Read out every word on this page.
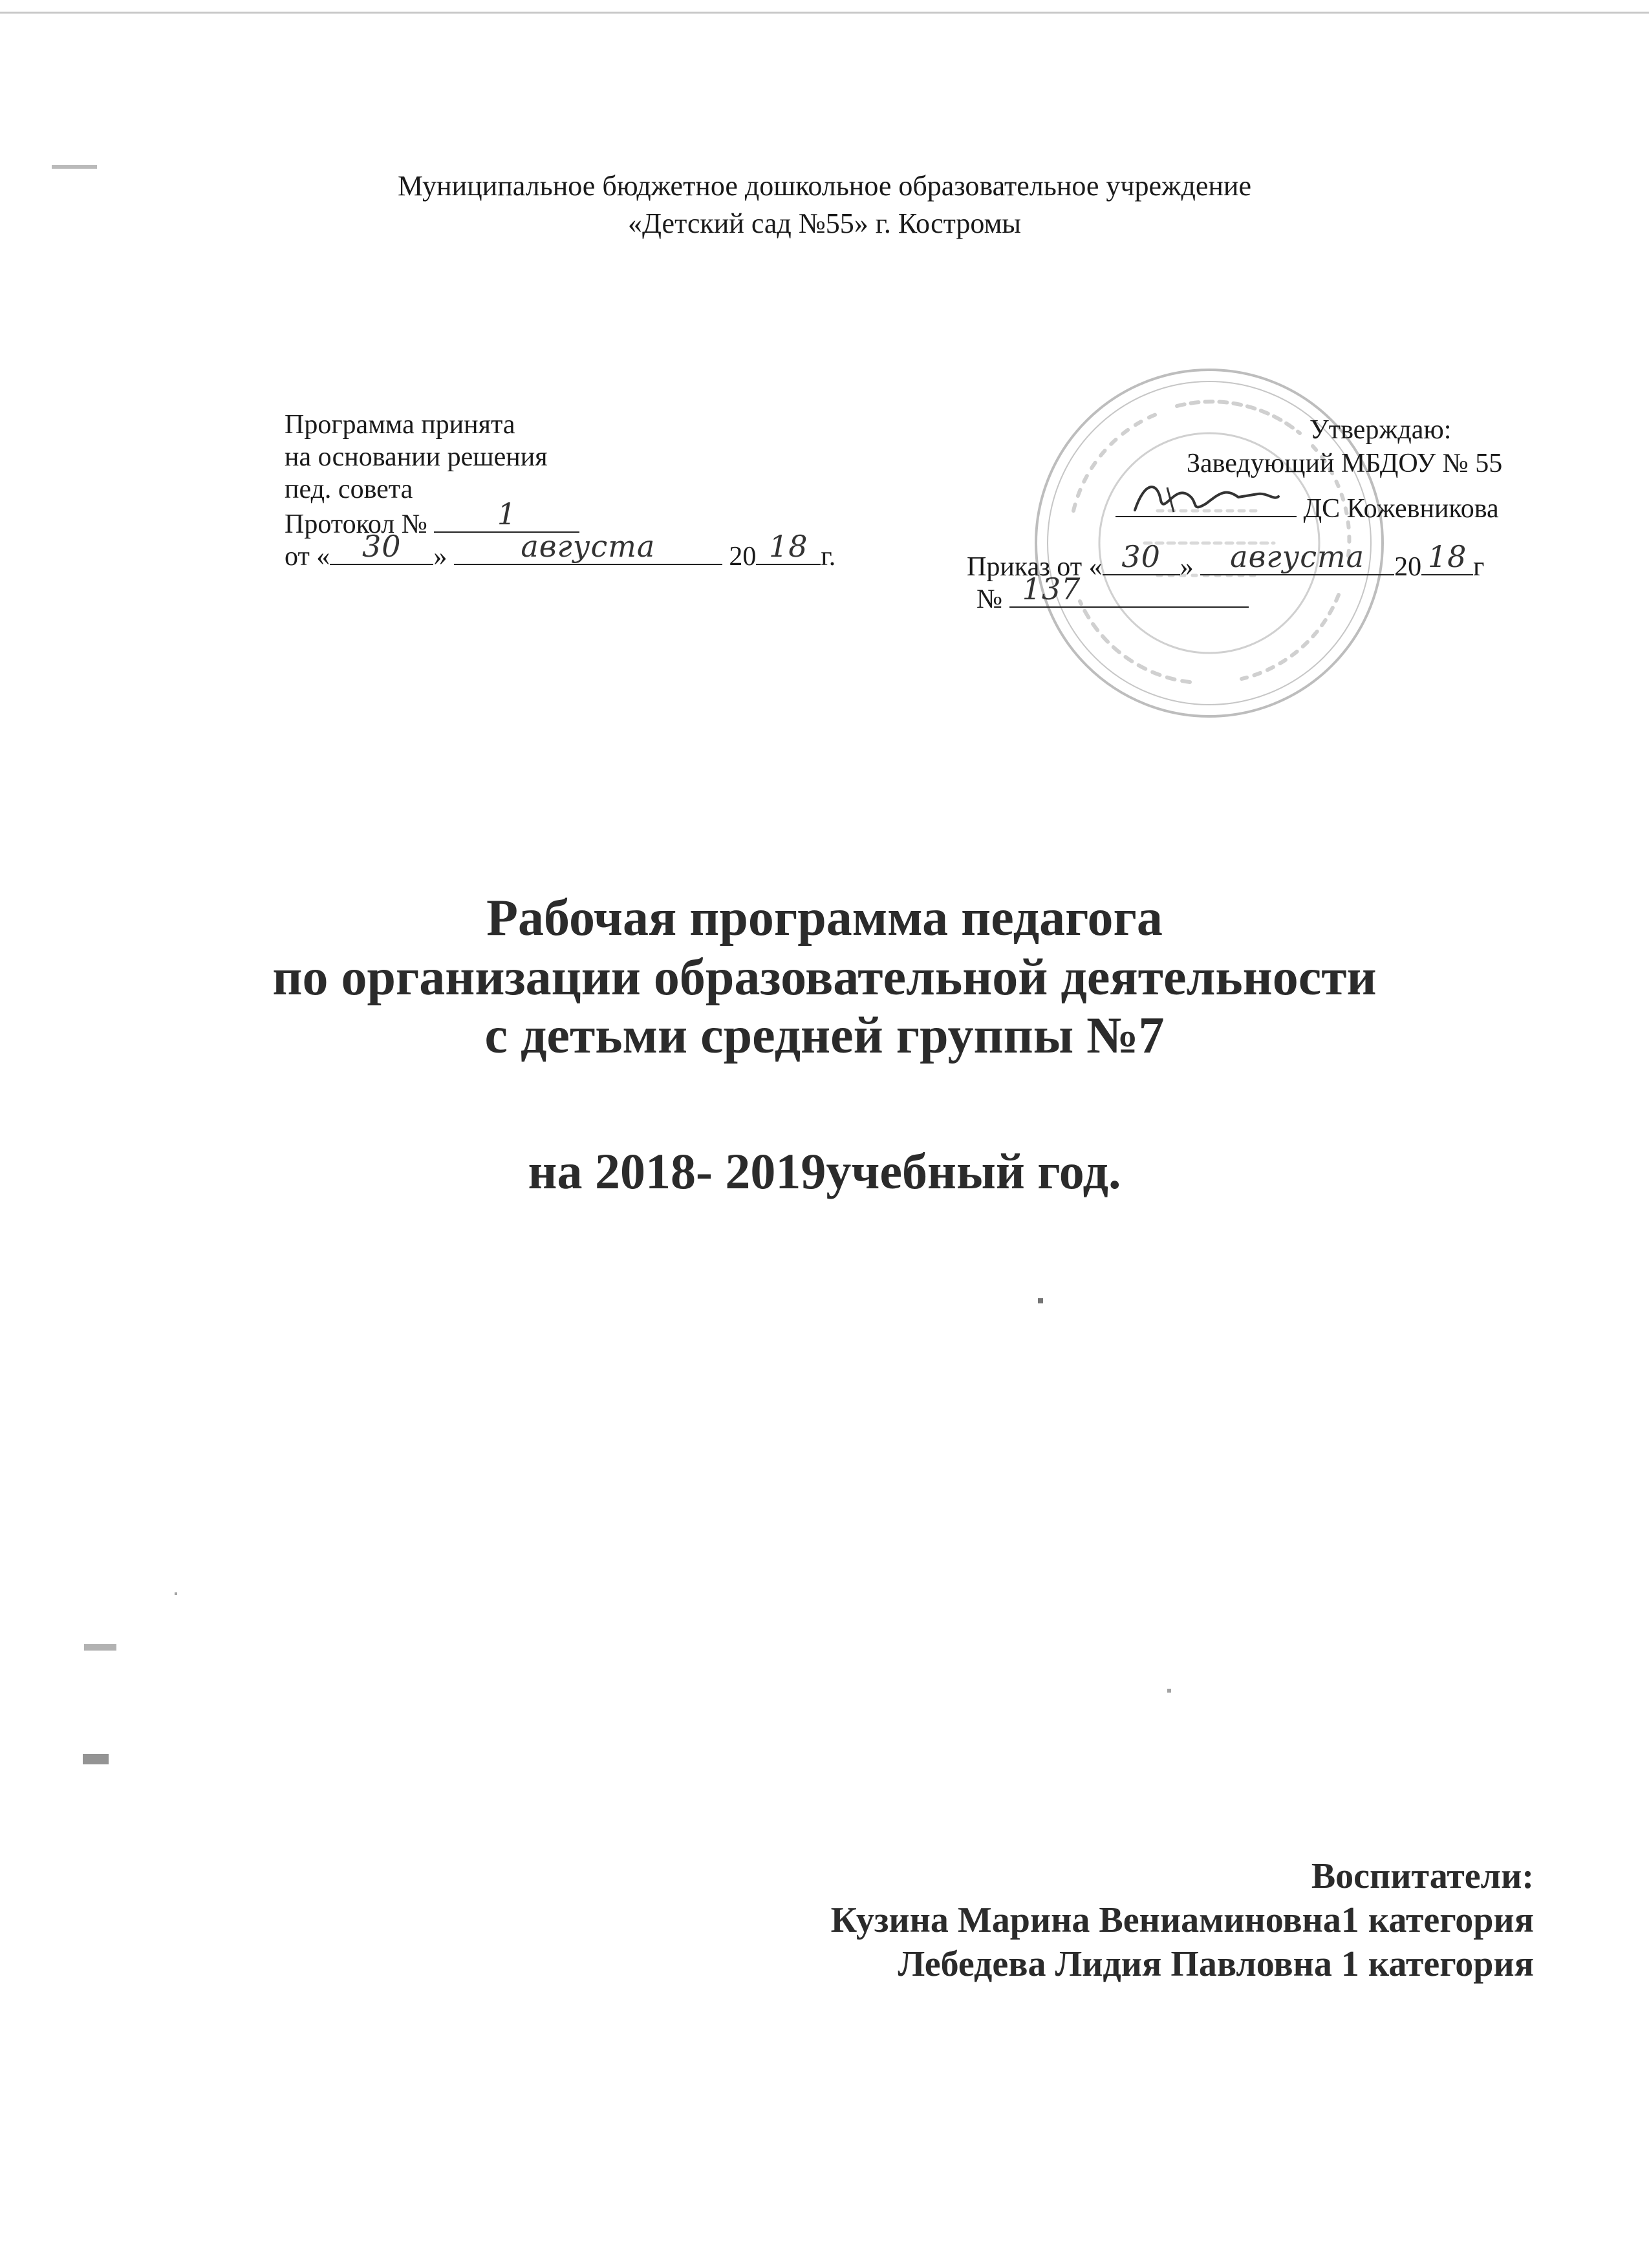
Муниципальное бюджетное дошкольное образовательное учреждение
«Детский сад №55» г. Костромы
Программа принята
на основании решения
пед. совета
Протокол №	1
от «	30	»	августа	20 18 г.
Утверждаю:
Заведующий МБДОУ № 55
ДС Кожевникова
Приказ от « 30 »	августа	20 18 г
№ 137
Рабочая программа педагога
по организации образовательной деятельности
с детьми средней группы №7
на 2018- 2019учебный год.
Воспитатели:
Кузина Марина Вениаминовна1 категория
Лебедева Лидия Павловна 1 категория
